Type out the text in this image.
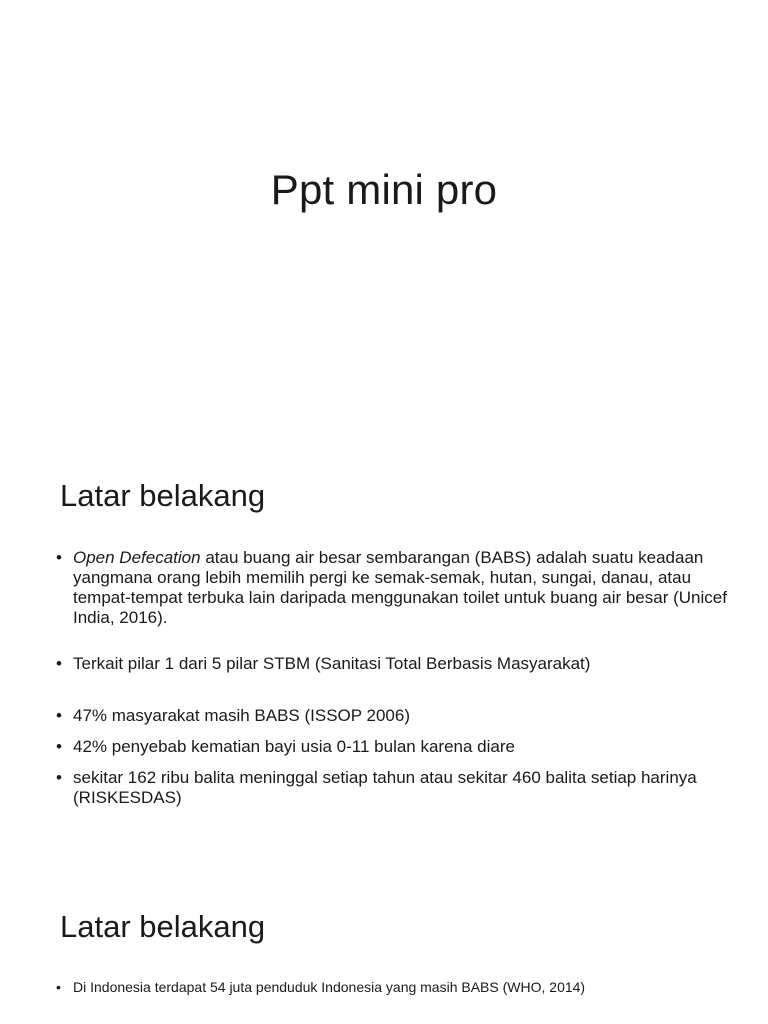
Ppt mini pro
Latar belakang
• Open Defecation atau buang air besar sembarangan (BABS) adalah suatu keadaan yangmana orang lebih memilih pergi ke semak-semak, hutan, sungai, danau, atau tempat-tempat terbuka lain daripada menggunakan toilet untuk buang air besar (Unicef India, 2016).
• Terkait pilar 1 dari 5 pilar STBM (Sanitasi Total Berbasis Masyarakat)
• 47% masyarakat masih BABS (ISSOP 2006)
• 42% penyebab kematian bayi usia 0-11 bulan karena diare
• sekitar 162 ribu balita meninggal setiap tahun atau sekitar 460 balita setiap harinya (RISKESDAS)
Latar belakang
• Di Indonesia terdapat 54 juta penduduk Indonesia yang masih BABS (WHO, 2014)
